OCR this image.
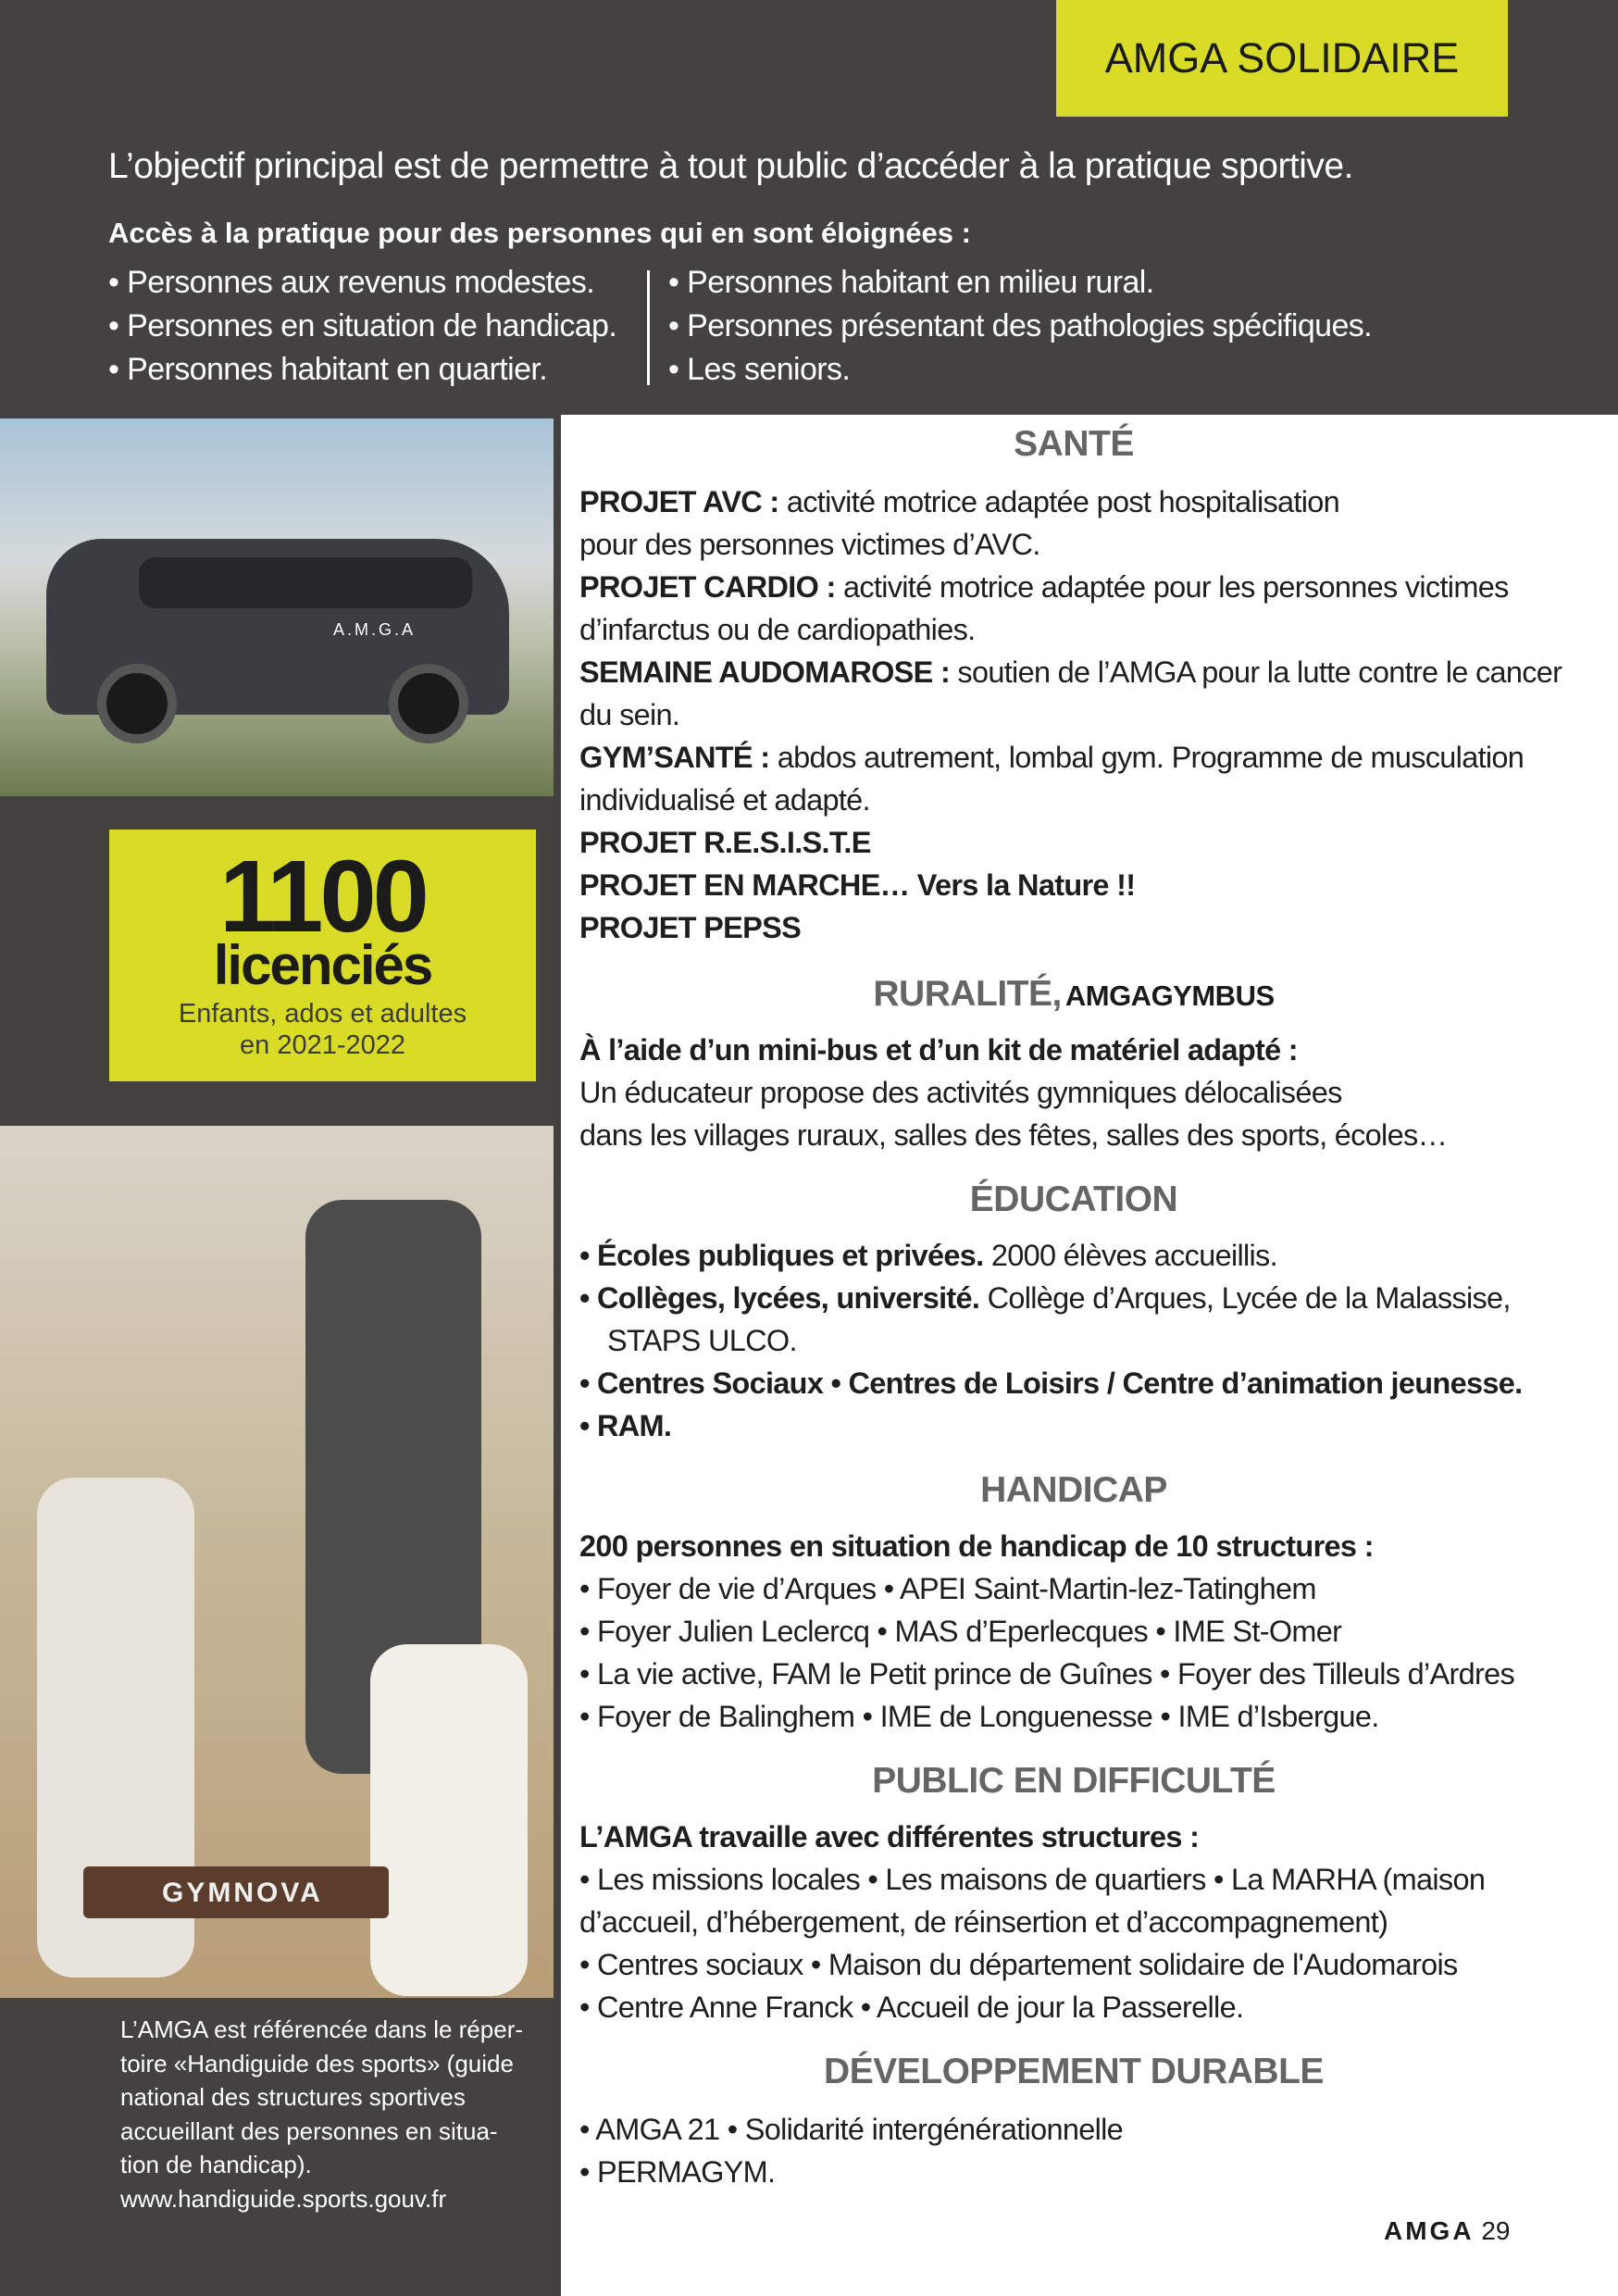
AMGA SOLIDAIRE
L’objectif principal est de permettre à tout public d’accéder à la pratique sportive.
Accès à la pratique pour des personnes qui en sont éloignées :
• Personnes aux revenus modestes.
• Personnes en situation de handicap.
• Personnes habitant en quartier.
• Personnes habitant en milieu rural.
• Personnes présentant des pathologies spécifiques.
• Les seniors.
A.M.G.A
1100
licenciés
Enfants, ados et adultes
en 2021-2022
GYMNOVA
L’AMGA est référencée dans le réper-
toire «Handiguide des sports» (guide
national des structures sportives
accueillant des personnes en situa-
tion de handicap).
www.handiguide.sports.gouv.fr
SANTÉ
PROJET AVC : activité motrice adaptée post hospitalisation
pour des personnes victimes d’AVC.
PROJET CARDIO : activité motrice adaptée pour les personnes victimes
d’infarctus ou de cardiopathies.
SEMAINE AUDOMAROSE : soutien de l’AMGA pour la lutte contre le cancer
du sein.
GYM’SANTÉ : abdos autrement, lombal gym. Programme de musculation
individualisé et adapté.
PROJET R.E.S.I.S.T.E
PROJET EN MARCHE… Vers la Nature !!
PROJET PEPSS
RURALITÉ, AMGAGYMBUS
À l’aide d’un mini-bus et d’un kit de matériel adapté :
Un éducateur propose des activités gymniques délocalisées
dans les villages ruraux, salles des fêtes, salles des sports, écoles…
ÉDUCATION
• Écoles publiques et privées. 2000 élèves accueillis.
• Collèges, lycées, université. Collège d’Arques, Lycée de la Malassise,
STAPS ULCO.
• Centres Sociaux • Centres de Loisirs / Centre d’animation jeunesse.
• RAM.
HANDICAP
200 personnes en situation de handicap de 10 structures :
• Foyer de vie d’Arques • APEI Saint-Martin-lez-Tatinghem
• Foyer Julien Leclercq • MAS d’Eperlecques • IME St-Omer
• La vie active, FAM le Petit prince de Guînes • Foyer des Tilleuls d’Ardres
• Foyer de Balinghem • IME de Longuenesse • IME d’Isbergue.
PUBLIC EN DIFFICULTÉ
L’AMGA travaille avec différentes structures :
• Les missions locales • Les maisons de quartiers • La MARHA (maison
d’accueil, d’hébergement, de réinsertion et d’accompagnement)
• Centres sociaux • Maison du département solidaire de l'Audomarois
• Centre Anne Franck • Accueil de jour la Passerelle.
DÉVELOPPEMENT DURABLE
• AMGA 21 • Solidarité intergénérationnelle
• PERMAGYM.
AMGA 29
